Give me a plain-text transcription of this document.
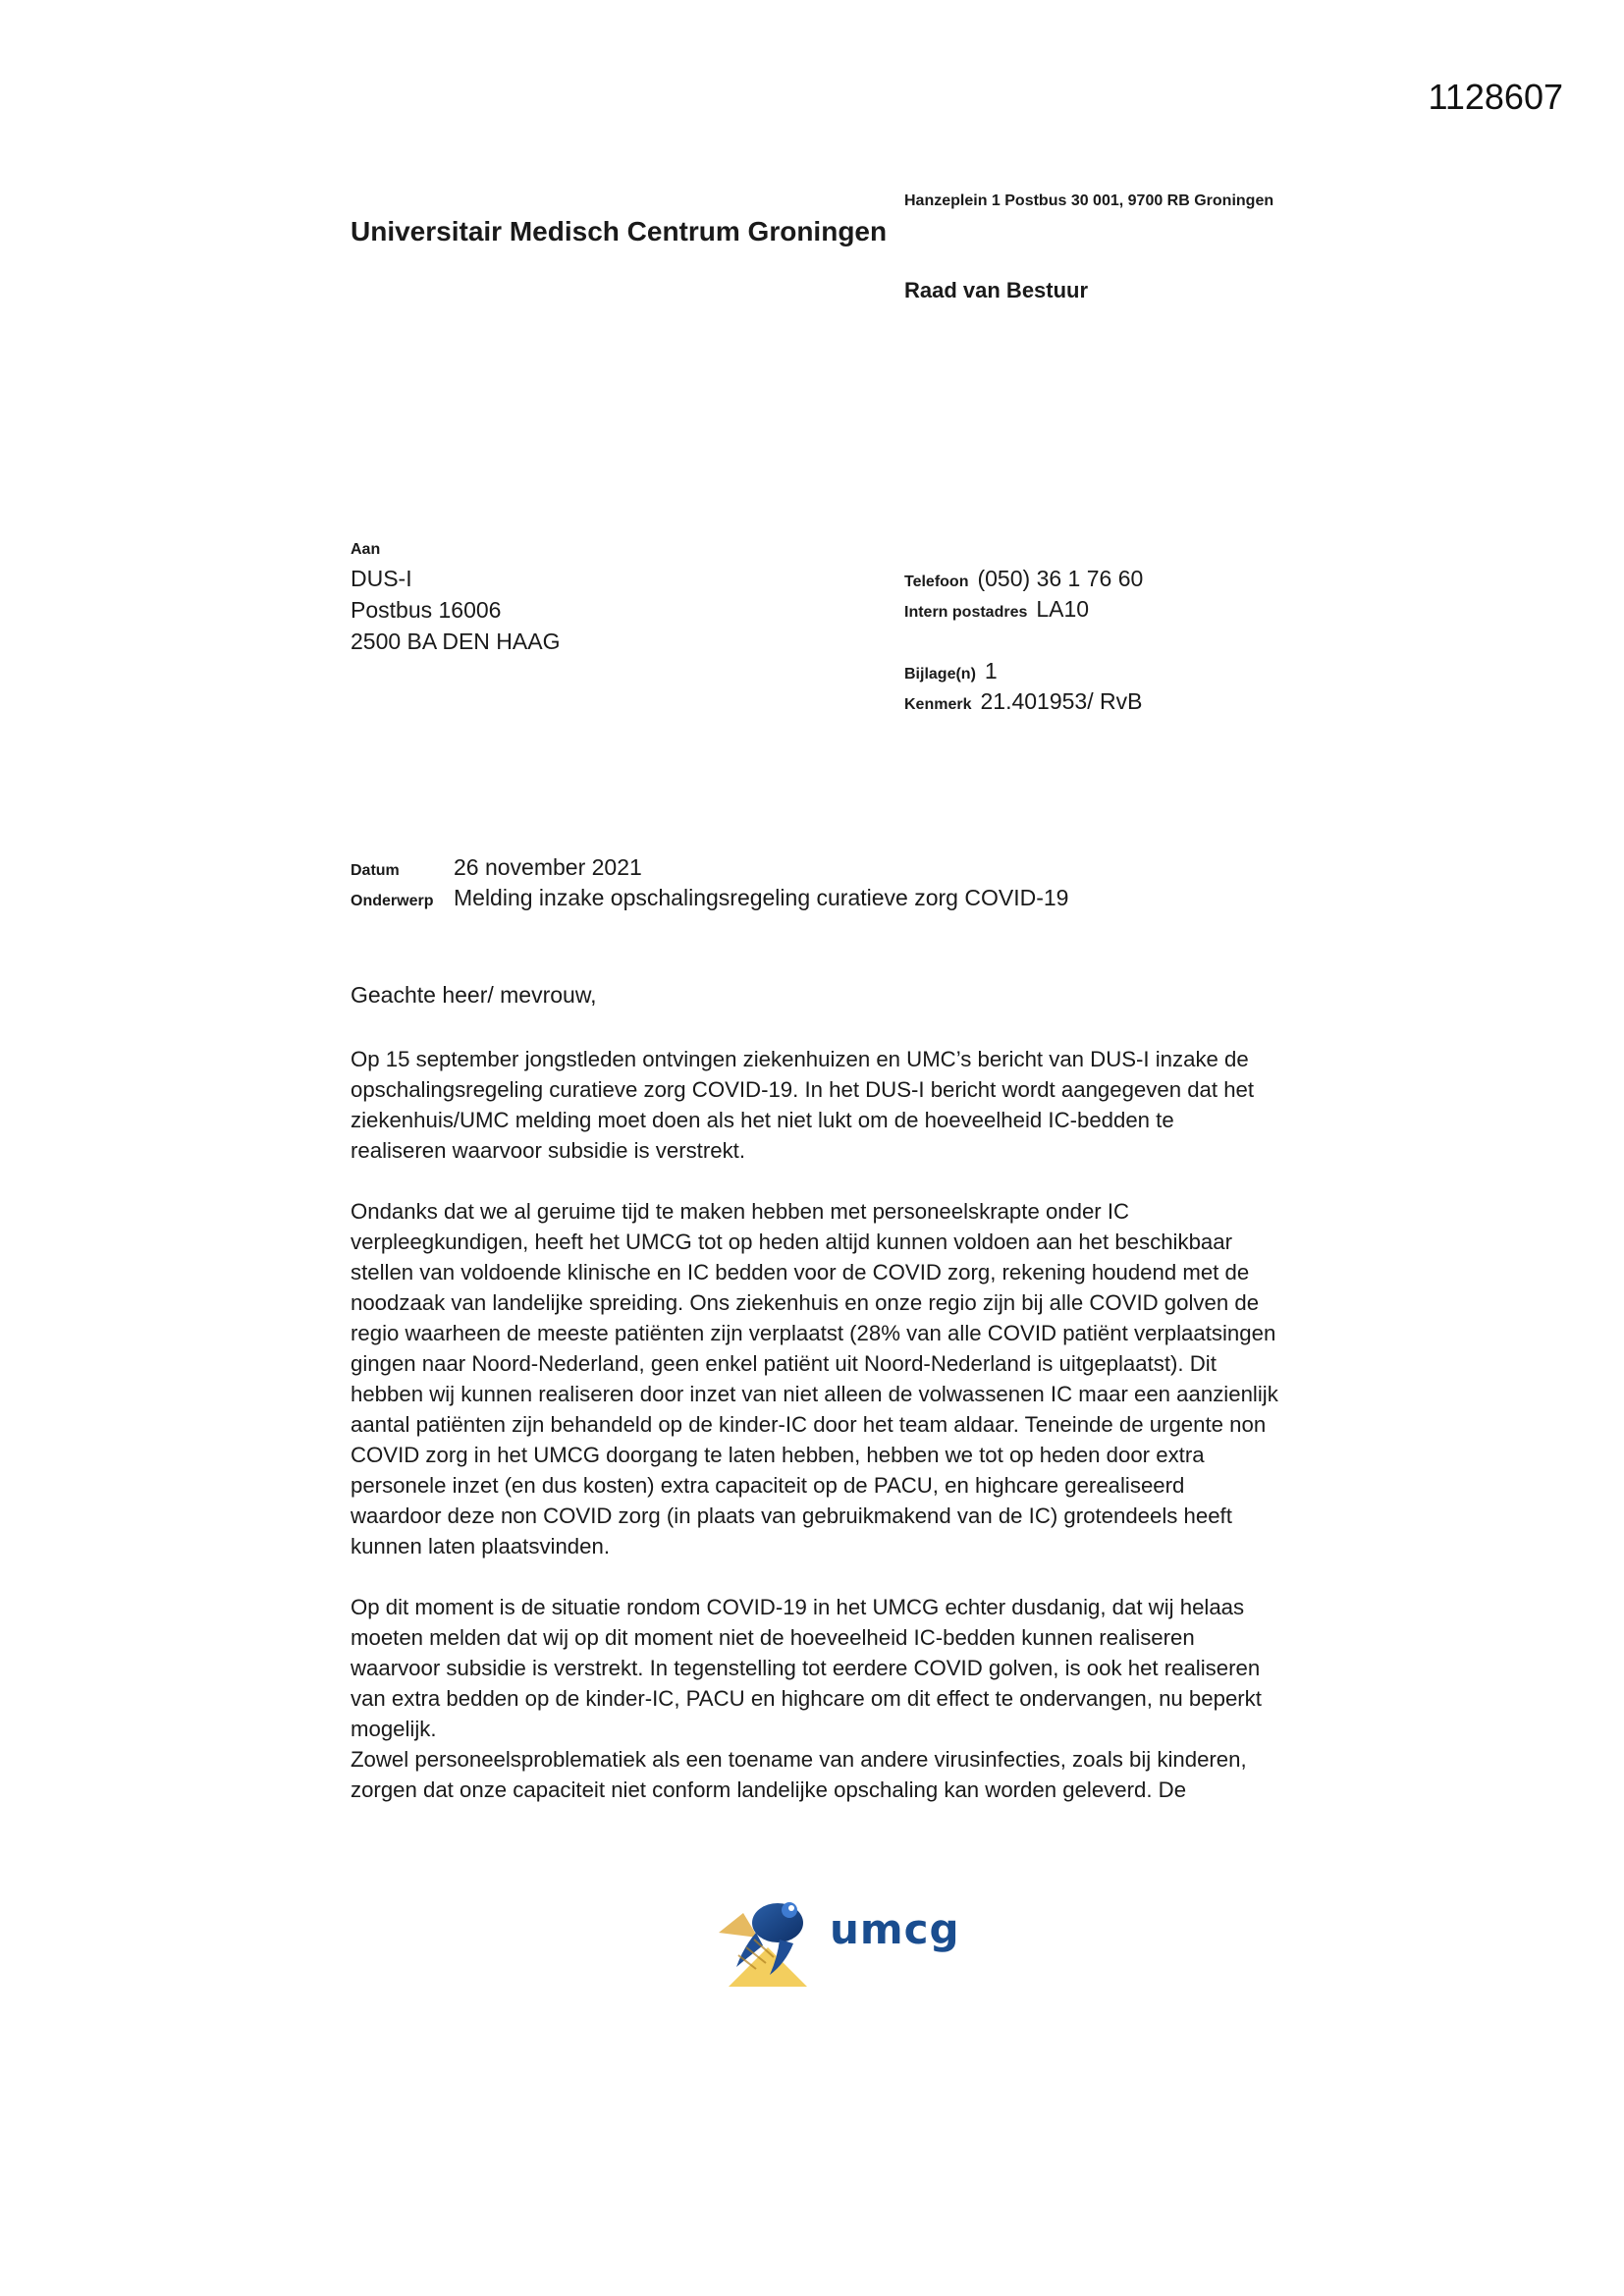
1128607
Hanzeplein 1 Postbus 30 001, 9700 RB Groningen
Universitair Medisch Centrum Groningen
Raad van Bestuur
Aan
DUS-I
Postbus 16006
2500 BA DEN HAAG
Telefoon (050) 36 1 76 60
Intern postadres LA10
Bijlage(n) 1
Kenmerk 21.401953/ RvB
Datum 26 november 2021
Onderwerp Melding inzake opschalingsregeling curatieve zorg COVID-19
Geachte heer/ mevrouw,
Op 15 september jongstleden ontvingen ziekenhuizen en UMC’s bericht van DUS-I inzake de
opschalingsregeling curatieve zorg COVID-19. In het DUS-I bericht wordt aangegeven dat het
ziekenhuis/UMC melding moet doen als het niet lukt om de hoeveelheid IC-bedden te
realiseren waarvoor subsidie is verstrekt.
Ondanks dat we al geruime tijd te maken hebben met personeelskrapte onder IC
verpleegkundigen, heeft het UMCG tot op heden altijd kunnen voldoen aan het beschikbaar
stellen van voldoende klinische en IC bedden voor de COVID zorg, rekening houdend met de
noodzaak van landelijke spreiding. Ons ziekenhuis en onze regio zijn bij alle COVID golven de
regio waarheen de meeste patiënten zijn verplaatst (28% van alle COVID patiënt verplaatsingen
gingen naar Noord-Nederland, geen enkel patiënt uit Noord-Nederland is uitgeplaatst). Dit
hebben wij kunnen realiseren door inzet van niet alleen de volwassenen IC maar een aanzienlijk
aantal patiënten zijn behandeld op de kinder-IC door het team aldaar. Teneinde de urgente non
COVID zorg in het UMCG doorgang te laten hebben, hebben we tot op heden door extra
personele inzet (en dus kosten) extra capaciteit op de PACU, en highcare gerealiseerd
waardoor deze non COVID zorg (in plaats van gebruikmakend van de IC) grotendeels heeft
kunnen laten plaatsvinden.
Op dit moment is de situatie rondom COVID-19 in het UMCG echter dusdanig, dat wij helaas
moeten melden dat wij op dit moment niet de hoeveelheid IC-bedden kunnen realiseren
waarvoor subsidie is verstrekt. In tegenstelling tot eerdere COVID golven, is ook het realiseren
van extra bedden op de kinder-IC, PACU en highcare om dit effect te ondervangen, nu beperkt
mogelijk.
Zowel personeelsproblematiek als een toename van andere virusinfecties, zoals bij kinderen,
zorgen dat onze capaciteit niet conform landelijke opschaling kan worden geleverd. De
umcg
